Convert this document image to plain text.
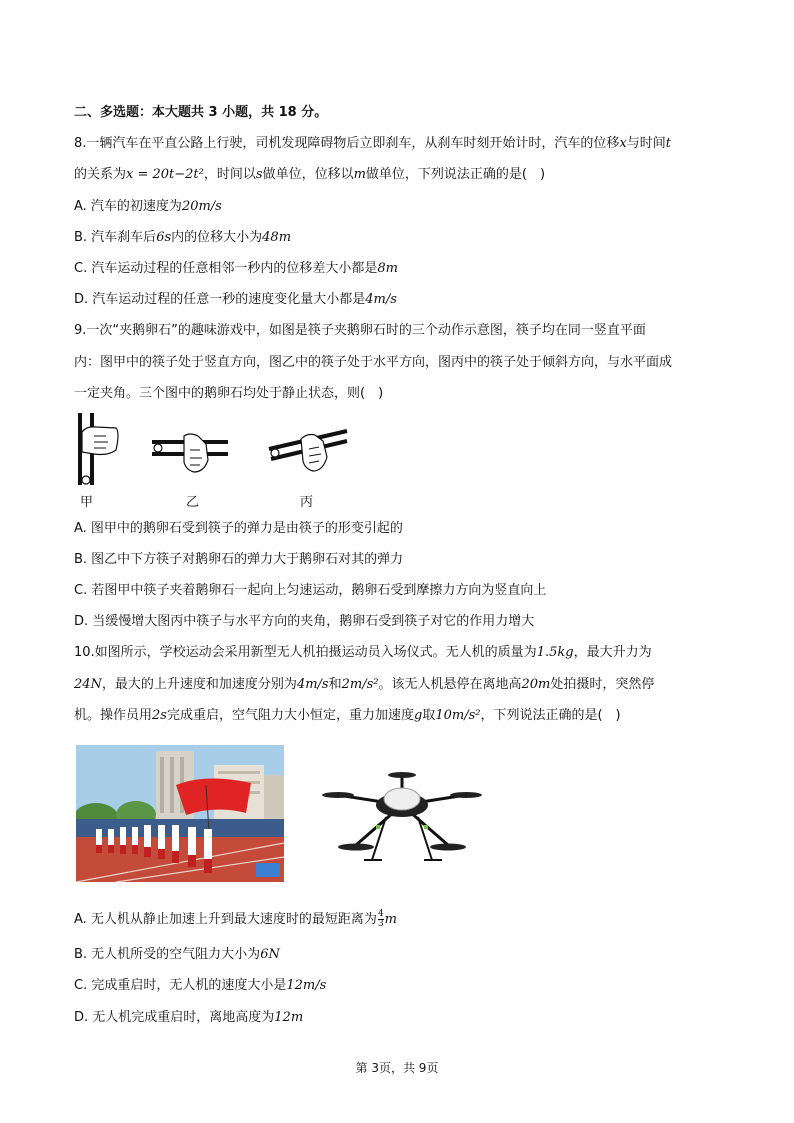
二、多选题：本大题共 3 小题，共 18 分。
8.一辆汽车在平直公路上行驶，司机发现障碍物后立即刹车，从刹车时刻开始计时，汽车的位移x与时间t
的关系为x = 20t−2t²，时间以s做单位，位移以m做单位，下列说法正确的是(　)
A. 汽车的初速度为20m/s
B. 汽车刹车后6s内的位移大小为48m
C. 汽车运动过程的任意相邻一秒内的位移差大小都是8m
D. 汽车运动过程的任意一秒的速度变化量大小都是4m/s
9.一次“夹鹅卵石”的趣味游戏中，如图是筷子夹鹅卵石时的三个动作示意图，筷子均在同一竖直平面
内：图甲中的筷子处于竖直方向，图乙中的筷子处于水平方向，图丙中的筷子处于倾斜方向，与水平面成
一定夹角。三个图中的鹅卵石均处于静止状态，则(　)
甲	乙	丙
A. 图甲中的鹅卵石受到筷子的弹力是由筷子的形变引起的
B. 图乙中下方筷子对鹅卵石的弹力大于鹅卵石对其的弹力
C. 若图甲中筷子夹着鹅卵石一起向上匀速运动，鹅卵石受到摩擦力方向为竖直向上
D. 当缓慢增大图丙中筷子与水平方向的夹角，鹅卵石受到筷子对它的作用力增大
10.如图所示，学校运动会采用新型无人机拍摄运动员入场仪式。无人机的质量为1.5kg，最大升力为
24N，最大的上升速度和加速度分别为4m/s和2m/s²。该无人机悬停在离地高20m处拍摄时，突然停
机。操作员用2s完成重启，空气阻力大小恒定，重力加速度g取10m/s²，下列说法正确的是(　)
A. 无人机从静止加速上升到最大速度时的最短距离为 $\frac{4}{3}$ m
B. 无人机所受的空气阻力大小为6N
C. 完成重启时，无人机的速度大小是12m/s
D. 无人机完成重启时，离地高度为12m
第 3页，共 9页
